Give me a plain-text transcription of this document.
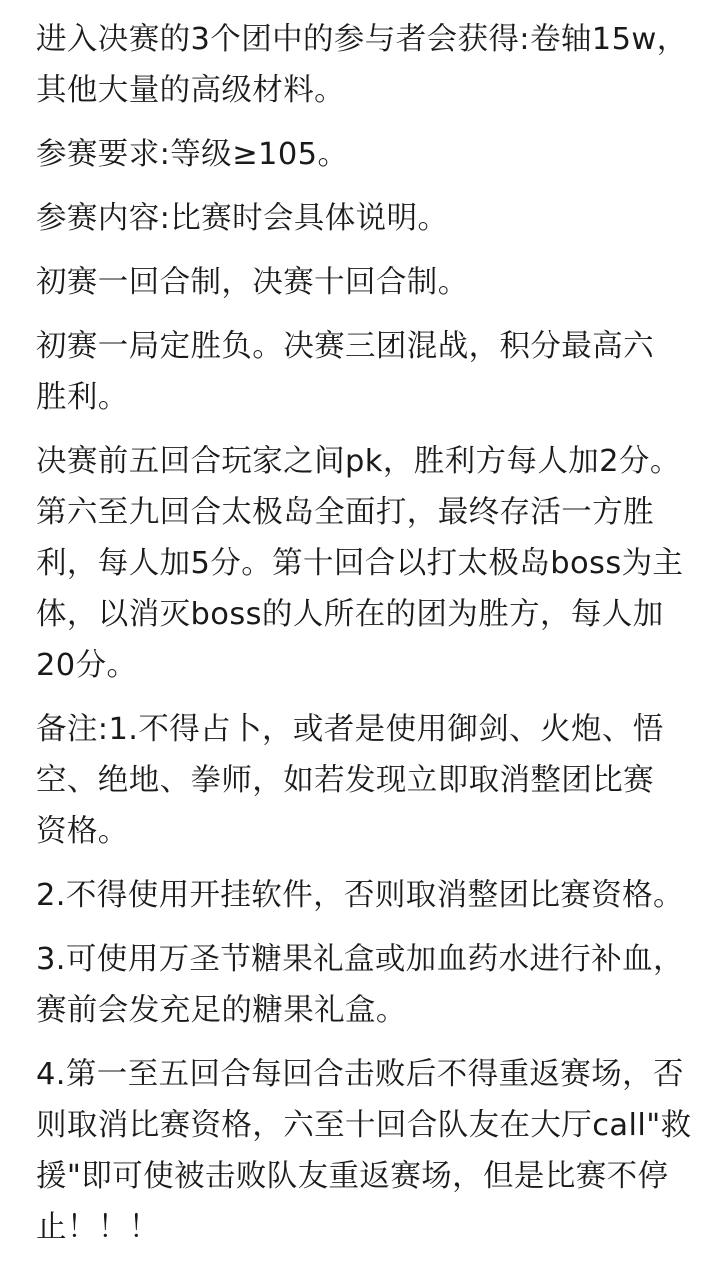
进入决赛的3个团中的参与者会获得:卷轴15w，
其他大量的高级材料。

参赛要求:等级≥105。

参赛内容:比赛时会具体说明。

初赛一回合制，决赛十回合制。

初赛一局定胜负。决赛三团混战，积分最高六
胜利。

决赛前五回合玩家之间pk，胜利方每人加2分。
第六至九回合太极岛全面打，最终存活一方胜
利，每人加5分。第十回合以打太极岛boss为主
体，以消灭boss的人所在的团为胜方，每人加
20分。

备注:1.不得占卜，或者是使用御剑、火炮、悟
空、绝地、拳师，如若发现立即取消整团比赛
资格。

2.不得使用开挂软件，否则取消整团比赛资格。

3.可使用万圣节糖果礼盒或加血药水进行补血，
赛前会发充足的糖果礼盒。

4.第一至五回合每回合击败后不得重返赛场，否
则取消比赛资格，六至十回合队友在大厅call"救
援"即可使被击败队友重返赛场，但是比赛不停
止！！！
